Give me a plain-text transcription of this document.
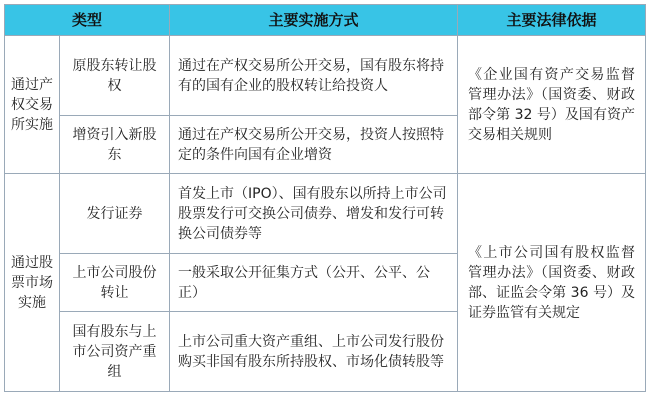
类型		主要实施方式	主要法律依据
通过产权交易所实施	原股东转让股权	通过在产权交易所公开交易，国有股东将持有的国有企业的股权转让给投资人	《企业国有资产交易监督管理办法》（国资委、财政部令第 32 号）及国有资产交易相关规则
	增资引入新股东	通过在产权交易所公开交易，投资人按照特定的条件向国有企业增资	
通过股票市场实施	发行证券	首发上市（IPO）、国有股东以所持上市公司股票发行可交换公司债券、增发和发行可转换公司债券等	《上市公司国有股权监督管理办法》（国资委、财政部、证监会令第 36 号）及证券监管有关规定
	上市公司股份转让	一般采取公开征集方式（公开、公平、公正）	
	国有股东与上市公司资产重组	上市公司重大资产重组、上市公司发行股份购买非国有股东所持股权、市场化债转股等	
